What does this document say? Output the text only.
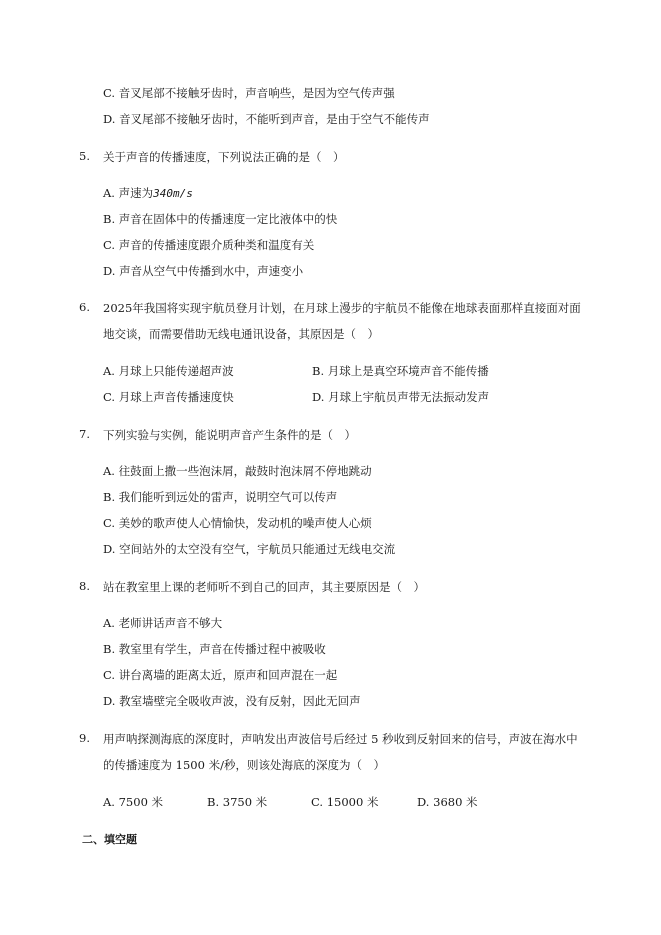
C. 音叉尾部不接触牙齿时，声音响些，是因为空气传声强
D. 音叉尾部不接触牙齿时，不能听到声音，是由于空气不能传声
5. 关于声音的传播速度，下列说法正确的是（　）
A. 声速为340m/s
B. 声音在固体中的传播速度一定比液体中的快
C. 声音的传播速度跟介质种类和温度有关
D. 声音从空气中传播到水中，声速变小
6. 2025年我国将实现宇航员登月计划，在月球上漫步的宇航员不能像在地球表面那样直接面对面
地交谈，而需要借助无线电通讯设备，其原因是（　）
A. 月球上只能传递超声波	B. 月球上是真空环境声音不能传播
C. 月球上声音传播速度快	D. 月球上宇航员声带无法振动发声
7. 下列实验与实例，能说明声音产生条件的是（　）
A. 往鼓面上撒一些泡沫屑，敲鼓时泡沫屑不停地跳动
B. 我们能听到远处的雷声，说明空气可以传声
C. 美妙的歌声使人心情愉快，发动机的噪声使人心烦
D. 空间站外的太空没有空气，宇航员只能通过无线电交流
8. 站在教室里上课的老师听不到自己的回声，其主要原因是（　）
A. 老师讲话声音不够大
B. 教室里有学生，声音在传播过程中被吸收
C. 讲台离墙的距离太近，原声和回声混在一起
D. 教室墙壁完全吸收声波，没有反射，因此无回声
9. 用声呐探测海底的深度时，声呐发出声波信号后经过 5 秒收到反射回来的信号，声波在海水中
的传播速度为 1500 米/秒，则该处海底的深度为（　）
A. 7500 米	B. 3750 米	C. 15000 米	D. 3680 米
二、填空题
